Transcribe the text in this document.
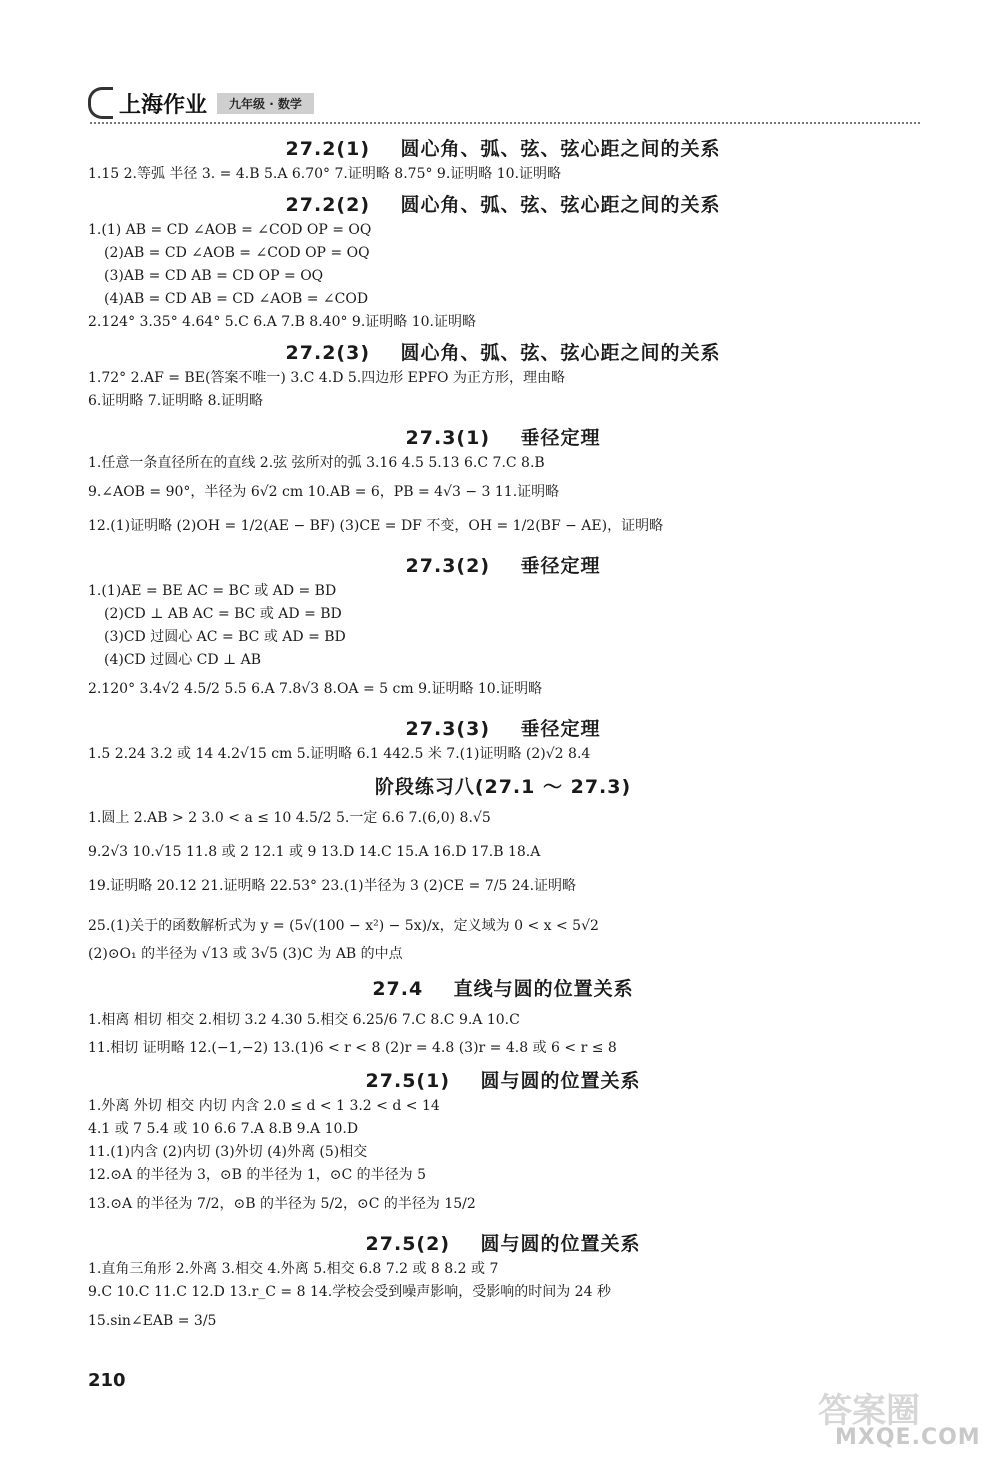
上海作业	九年级 · 数学
27.2(1)    圆心角、弧、弦、弦心距之间的关系
1.15 2.等弧 半径 3. = 4.B 5.A 6.70° 7.证明略 8.75° 9.证明略 10.证明略
27.2(2)    圆心角、弧、弦、弦心距之间的关系
1.(1) AB = CD ∠AOB = ∠COD OP = OQ
(2)AB = CD ∠AOB = ∠COD OP = OQ
(3)AB = CD AB = CD OP = OQ
(4)AB = CD AB = CD ∠AOB = ∠COD
2.124° 3.35° 4.64° 5.C 6.A 7.B 8.40° 9.证明略 10.证明略
27.2(3)    圆心角、弧、弦、弦心距之间的关系
1.72° 2.AF = BE(答案不唯一) 3.C 4.D 5.四边形 EPFO 为正方形，理由略
6.证明略 7.证明略 8.证明略
27.3(1)    垂径定理
1.任意一条直径所在的直线 2.弦 弦所对的弧 3.16 4.5 5.13 6.C 7.C 8.B
9.∠AOB = 90°，半径为 6√2 cm 10.AB = 6，PB = 4√3 − 3 11.证明略
12.(1)证明略 (2)OH = 1/2(AE − BF) (3)CE = DF 不变，OH = 1/2(BF − AE)，证明略
27.3(2)    垂径定理
1.(1)AE = BE AC = BC 或 AD = BD
(2)CD ⊥ AB AC = BC 或 AD = BD
(3)CD 过圆心 AC = BC 或 AD = BD
(4)CD 过圆心 CD ⊥ AB
2.120° 3.4√2 4.5/2 5.5 6.A 7.8√3 8.OA = 5 cm 9.证明略 10.证明略
27.3(3)    垂径定理
1.5 2.24 3.2 或 14 4.2√15 cm 5.证明略 6.1 442.5 米 7.(1)证明略 (2)√2 8.4
阶段练习八(27.1 ～ 27.3)
1.圆上 2.AB > 2 3.0 < a ≤ 10 4.5/2 5.一定 6.6 7.(6,0) 8.√5
9.2√3 10.√15 11.8 或 2 12.1 或 9 13.D 14.C 15.A 16.D 17.B 18.A
19.证明略 20.12 21.证明略 22.53° 23.(1)半径为 3 (2)CE = 7/5 24.证明略
25.(1)关于的函数解析式为 y = (5√(100 − x²) − 5x)/x，定义域为 0 < x < 5√2
(2)⊙O₁ 的半径为 √13 或 3√5 (3)C 为 AB 的中点
27.4    直线与圆的位置关系
1.相离 相切 相交 2.相切 3.2 4.30 5.相交 6.25/6 7.C 8.C 9.A 10.C
11.相切 证明略 12.(−1,−2) 13.(1)6 < r < 8 (2)r = 4.8 (3)r = 4.8 或 6 < r ≤ 8
27.5(1)    圆与圆的位置关系
1.外离 外切 相交 内切 内含 2.0 ≤ d < 1 3.2 < d < 14
4.1 或 7 5.4 或 10 6.6 7.A 8.B 9.A 10.D
11.(1)内含 (2)内切 (3)外切 (4)外离 (5)相交
12.⊙A 的半径为 3，⊙B 的半径为 1，⊙C 的半径为 5
13.⊙A 的半径为 7/2，⊙B 的半径为 5/2，⊙C 的半径为 15/2
27.5(2)    圆与圆的位置关系
1.直角三角形 2.外离 3.相交 4.外离 5.相交 6.8 7.2 或 8 8.2 或 7
9.C 10.C 11.C 12.D 13.r_C = 8 14.学校会受到噪声影响，受影响的时间为 24 秒
15.sin∠EAB = 3/5
210
答案圈
MXQE.COM
